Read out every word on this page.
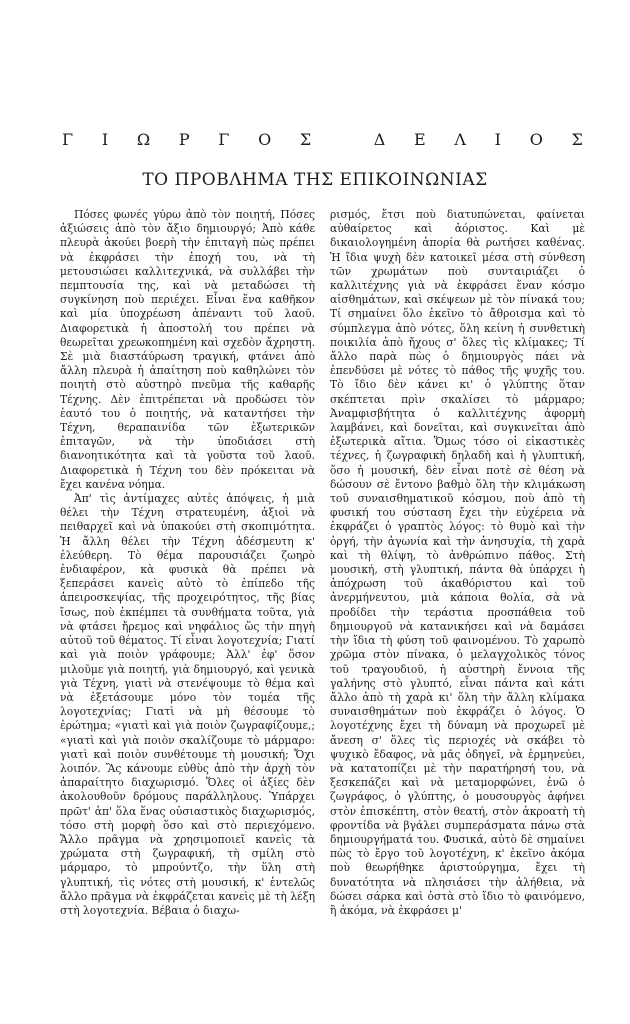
Γ Ι Ω Ρ Γ Ο Σ
	Δ Ε Λ Ι Ο Σ
ΤΟ ΠΡΟΒΛΗΜΑ ΤΗΣ ΕΠΙΚΟΙΝΩΝΙΑΣ

Πόσες φωνές γύρω ἀπὸ τὸν ποιητή, Πόσες ἀξιώσεις ἀπὸ τὸν ἄξιο δημιουργό; Ἀπὸ κάθε πλευρὰ ἀκούει βοερὴ τὴν ἐπιταγὴ πὼς πρέπει νὰ ἐκφράσει τὴν ἐποχή του, νὰ τὴ μετουσιώσει καλλιτεχνικά, νὰ συλλάβει τὴν πεμπτουσία της, καὶ νὰ μεταδώσει τὴ συγκίνηση ποὺ περιέχει. Εἶναι ἕνα καθῆκον καὶ μία ὑποχρέωση ἀπέναντι τοῦ λαοῦ. Διαφορετικὰ ἡ ἀποστολή του πρέπει νὰ θεωρεῖται χρεωκοπημένη καὶ σχεδὸν ἄχρηστη. Σὲ μιὰ διαστάύρωση τραγική, φτάνει ἀπὸ ἄλλη πλευρὰ ἡ ἀπαίτηση ποὺ καθηλώνει τὸν ποιητὴ στὸ αὐστηρὸ πνεῦμα τῆς καθαρῆς Τέχνης. Δὲν ἐπιτρέπεται νὰ προδώσει τὸν ἑαυτό του ὁ ποιητής, νὰ καταντήσει τὴν Τέχνη, θεραπαινίδα τῶν ἐξωτερικῶν ἐπιταγῶν, νὰ τὴν ὑποδιάσει στὴ διανοητικότητα καὶ τὰ γοῦστα τοῦ λαοῦ. Διαφορετικὰ ἡ Τέχνη του δὲν πρόκειται νὰ ἔχει κανένα νόημα.

Ἀπ' τὶς ἀντίμαχες αὐτὲς ἀπόψεις, ἡ μιὰ θέλει τὴν Τέχνη στρατευμένη, ἀξιοὶ νὰ πειθαρχεῖ καὶ νὰ ὑπακούει στὴ σκοπιμότητα. Ἡ ἄλλη θέλει τὴν Τέχνη ἀδέσμευτη κ' ἐλεύθερη. Τὸ θέμα παρουσιάζει ζωηρὸ ἐνδιαφέρον, κὰ φυσικὰ θὰ πρέπει νὰ ξεπεράσει κανεὶς αὐτὸ τὸ ἐπίπεδο τῆς ἀπειροσκεψίας, τῆς προχειρότητος, τῆς βίας ἴσως, ποὺ ἐκπέμπει τὰ συνθήματα τοῦτα, γιὰ νὰ φτάσει ἤρεμος καὶ νηφάλιος ὥς τὴν πηγὴ αὐτοῦ τοῦ θέματος. Τί εἶναι λογοτεχνία; Γιατί καὶ γιὰ ποιὸν γράφουμε; Ἀλλ' ἐφ' ὅσον μιλοῦμε γιὰ ποιητή, γιὰ δημιουργό, καὶ γενικὰ γιὰ Τέχνη, γιατὶ νὰ στενέψουμε τὸ θέμα καὶ νὰ ἐξετάσουμε μόνο τὸν τομέα τῆς λογοτεχνίας; Γιατὶ νὰ μὴ θέσουμε τὸ ἐρώτημα; «γιατὶ καὶ γιὰ ποιὸν ζωγραφίζουμε,; «γιατὶ καὶ γιὰ ποιὸν σκαλίζουμε τὸ μάρμαρο: γιατὶ καὶ ποιὸν συνθέτουμε τὴ μουσική; Ὄχι λοιπόν. Ἂς κάνουμε εὐθὺς ἀπὸ τὴν ἀρχὴ τὸν ἀπαραίτητο διαχωρισμό. Ὅλες οἱ ἀξίες δὲν ἀκολουθοῦν δρόμους παράλληλους. Ὑπάρχει πρῶτ' ἀπ' ὅλα ἕνας οὐσιαστικὸς διαχωρισμός, τόσο στὴ μορφὴ ὅσο καὶ στὸ περιεχόμενο. Ἄλλο πρᾶγμα νὰ χρησιμοποιεῖ κανεὶς τὰ χρώματα στὴ ζωγραφική, τὴ σμίλη στὸ μάρμαρο, τὸ μπρούντζο, τὴν ὕλη στὴ γλυπτική, τὶς νότες στὴ μουσική, κ' ἐντελῶς ἄλλο πρᾶγμα νὰ ἐκφράζεται κανεὶς μὲ τὴ λέξη στὴ λογοτεχνία. Βέβαια ὁ διαχω-

ρισμός, ἔτσι ποὺ διατυπώνεται, φαίνεται αὐθαίρετος καὶ ἀόριστος. Καὶ μὲ δικαιολογημένη ἀπορία θὰ ρωτήσει καθένας. Ἡ ἴδια ψυχὴ δὲν κατοικεῖ μέσα στὴ σύνθεση τῶν χρωμάτων ποὺ συνταιριάζει ὁ καλλιτέχνης γιὰ νὰ ἐκφράσει ἕναν κόσμο αἰσθημάτων, καὶ σκέψεων μὲ τὸν πίνακά του; Τί σημαίνει ὅλο ἐκεῖνο τὸ ἄθροισμα καὶ τὸ σύμπλεγμα ἀπὸ νότες, ὅλη κείνη ἡ συνθετικὴ ποικιλία ἀπὸ ἤχους σ' ὅλες τὶς κλίμακες; Τί ἄλλο παρὰ πὼς ὁ δημιουργὸς πάει νὰ ἐπενδύσει μὲ νότες τὸ πάθος τῆς ψυχῆς του. Τὸ ἴδιο δὲν κάνει κι' ὁ γλύπτης ὅταν σκέπτεται πρὶν σκαλίσει τὸ μάρμαρο; Ἀναμφισβήτητα ὁ καλλιτέχνης ἀφορμὴ λαμβάνει, καὶ δονεῖται, καὶ συγκινεῖται ἀπὸ ἐξωτερικὰ αἴτια. Ὅμως τόσο οἱ εἰκαστικὲς τέχνες, ἡ ζωγραφικὴ δηλαδὴ καὶ ἡ γλυπτική, ὅσο ἡ μουσική, δὲν εἶναι ποτὲ σὲ θέση νὰ δώσουν σὲ ἔντονο βαθμὸ ὅλη τὴν κλιμάκωση τοῦ συναισθηματικοῦ κόσμου, ποὺ ἀπὸ τὴ φυσική του σύσταση ἔχει τὴν εὐχέρεια νὰ ἐκφράζει ὁ γραπτὸς λόγος: τὸ θυμὸ καὶ τὴν ὀργή, τὴν ἀγωνία καὶ τὴν ἀνησυχία, τὴ χαρὰ καὶ τὴ θλίψη, τὸ ἀνθρώπινο πάθος. Στὴ μουσική, στὴ γλυπτική, πάντα θὰ ὑπάρχει ἡ ἀπόχρωση τοῦ ἀκαθόριστου καὶ τοῦ ἀνερμήνευτου, μιὰ κάποια θολία, σὰ νὰ προδίδει τὴν τεράστια προσπάθεια τοῦ δημιουργοῦ νὰ κατανικήσει καὶ νὰ δαμάσει τὴν ἴδια τὴ φύση τοῦ φαινομένου. Τὸ χαρωπὸ χρῶμα στὸν πίνακα, ὁ μελαγχολικὸς τόνος τοῦ τραγουδιοῦ, ἡ αὐστηρὴ ἔννοια τῆς γαλήνης στὸ γλυπτό, εἶναι πάντα καὶ κάτι ἄλλο ἀπὸ τὴ χαρὰ κι' ὅλη τὴν ἄλλη κλίμακα συναισθημάτων ποὺ ἐκφράζει ὁ λόγος. Ὁ λογοτέχνης ἔχει τὴ δύναμη νὰ προχωρεῖ μὲ ἄνεση σ' ὅλες τὶς περιοχές νὰ σκάβει τὸ ψυχικὸ ἔδαφος, νὰ μᾶς ὁδηγεῖ, νὰ ἑρμηνεύει, νὰ κατατοπίζει μὲ τὴν παρατήρησή του, νὰ ξεσκεπάζει καὶ νὰ μεταμορφώνει, ἐνῶ ὁ ζωγράφος, ὁ γλύπτης, ὁ μουσουργὸς ἀφήνει στὸν ἐπισκέπτη, στὸν θεατή, στὸν ἀκροατὴ τὴ φροντίδα νὰ βγάλει συμπεράσματα πάνω στὰ δημιουργήματά του. Φυσικά, αὐτὸ δὲ σημαίνει πὼς τὸ ἔργο τοῦ λογοτέχνη, κ' ἐκεῖνο ἀκόμα ποὺ θεωρήθηκε ἀριστούργημα, ἔχει τὴ δυνατότητα νὰ πλησιάσει τὴν ἀλήθεια, νὰ δώσει σάρκα καὶ ὀστὰ στὸ ἴδιο τὸ φαινόμενο, ἢ ἀκόμα, νὰ ἐκφράσει μ'
